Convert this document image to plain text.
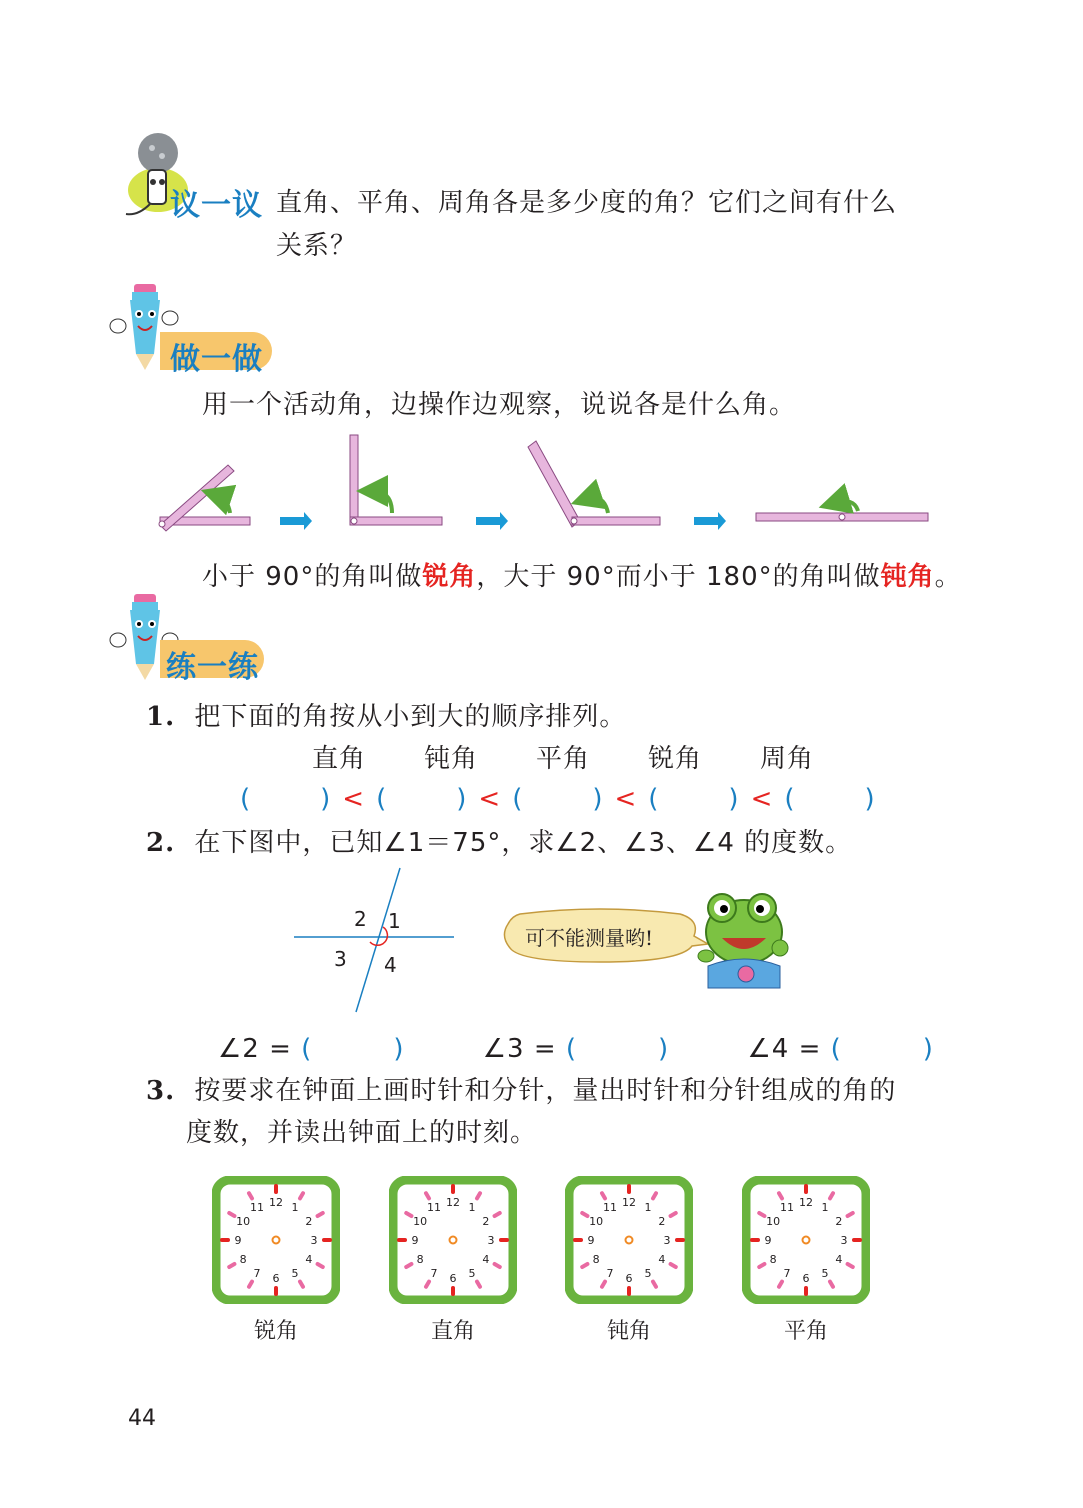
议一议 直角、平角、周角各是多少度的角？它们之间有什么
关系？
做一做
用一个活动角，边操作边观察，说说各是什么角。
小于 90°的角叫做锐角，大于 90°而小于 180°的角叫做钝角。
练一练
1. 把下面的角按从小到大的顺序排列。
直角 钝角 平角 锐角 周角
(　　) < (　　) < (　　) < (　　) < (　　)
2. 在下图中，已知∠1＝75°，求∠2、∠3、∠4 的度数。
2 1
3 4
可不能测量哟!
∠2 = (　　)	∠3 = (　　)	∠4 = (　　)
3. 按要求在钟面上画时针和分针，量出时针和分针组成的角的
度数，并读出钟面上的时刻。
12 1
2
3
4
5
6
7
8
9
10
11	12 1
2
3
4
5
6
7
8
9
10
11	12 1
2
3
4
5
6
7
8
9
10
11	12 1
2
3
4
5
6
7
8
9
10
11
锐角	直角	钝角	平角
44
